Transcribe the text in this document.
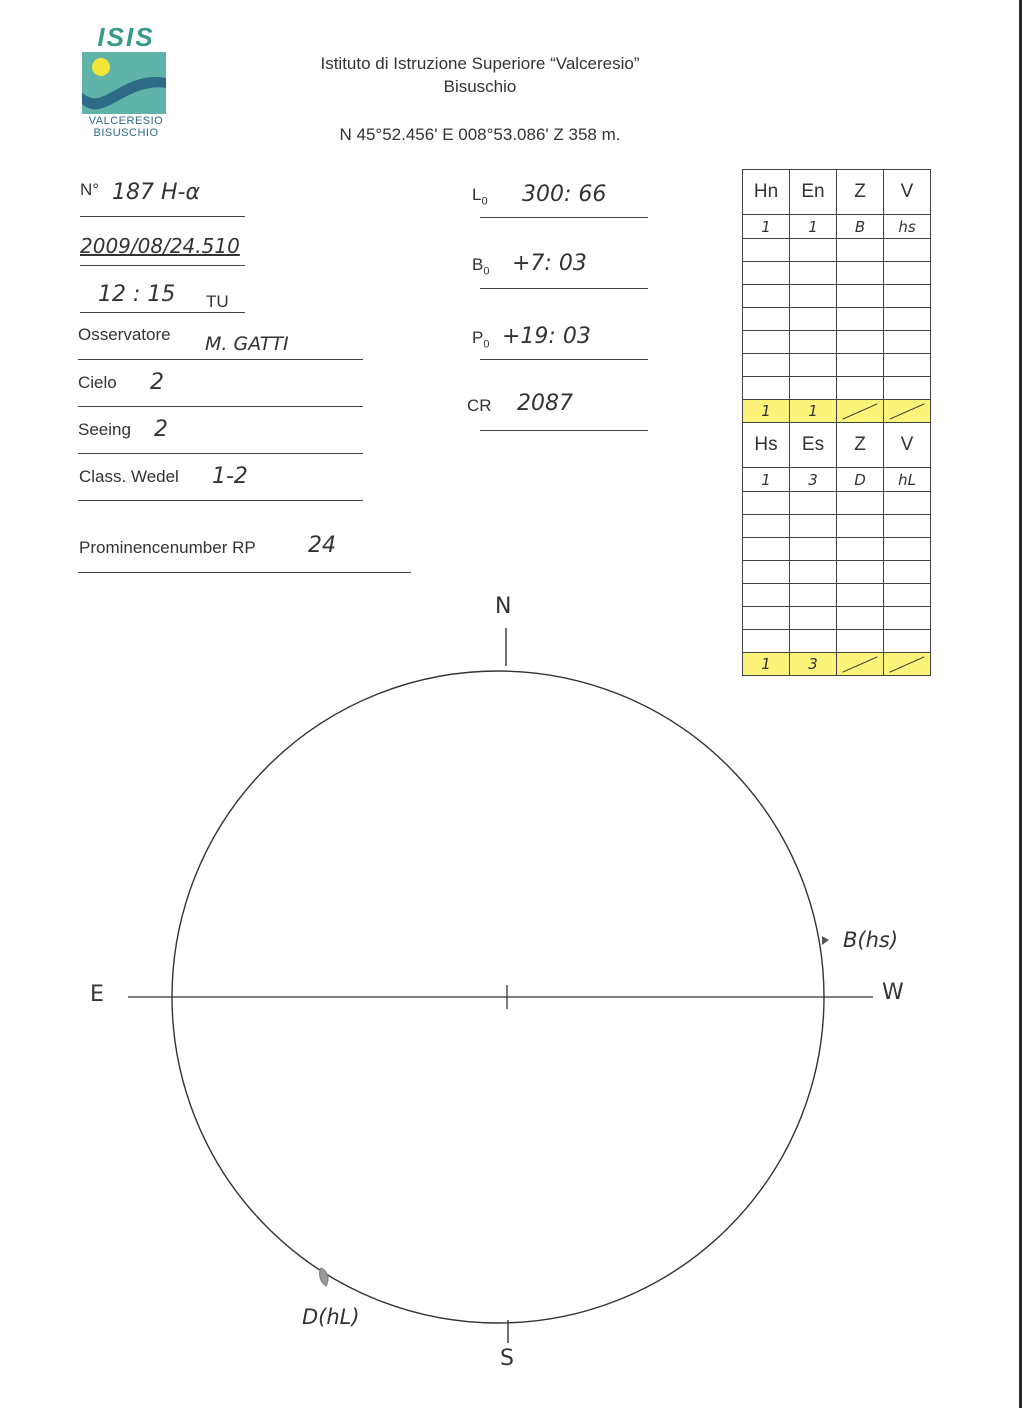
ISIS
VALCERESIO
BISUSCHIO
Istituto di Istruzione Superiore “Valceresio”
Bisuschio
N 45°52.456' E 008°53.086' Z 358 m.
N° 187 H-α
2009/08/24.510
12 : 15 TU
Osservatore M. GATTI
Cielo 2
Seeing 2
Class. Wedel 1-2
Prominencenumber RP 24
$L_0$ 300: 66
$B_0 +7$: 03
$P_0 +19$: 03
CR 2087
Hn	En	Z	V
1	1	B	hs

1	1		
Hs	Es	Z	V
1	3	D	hL

1	3		
N
S
E	W
B(hs)
D(hL)
